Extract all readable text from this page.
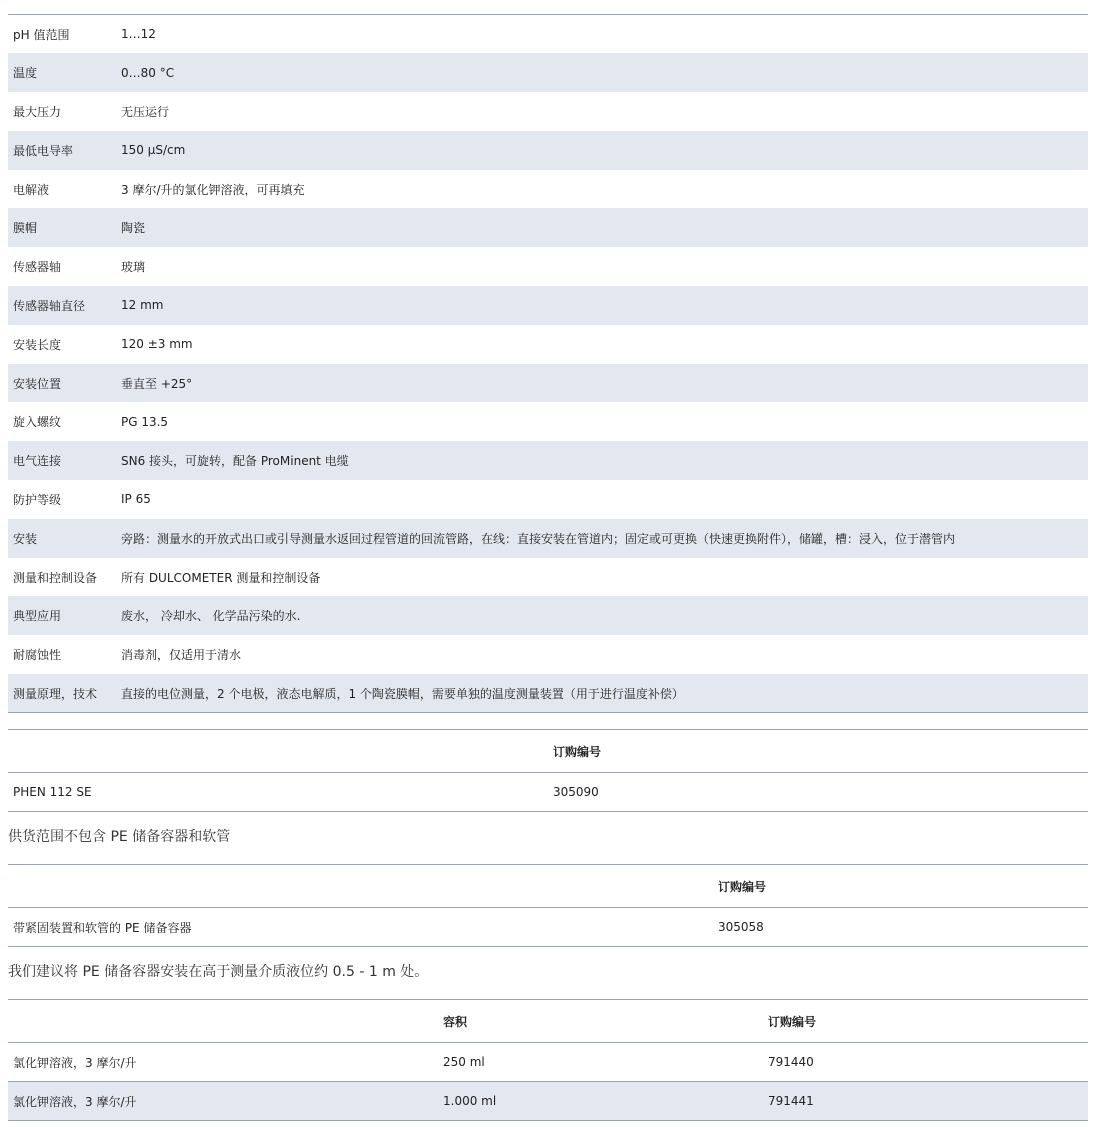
pH 值范围	1…12
温度	0…80 °C
最大压力	无压运行
最低电导率	150 µS/cm
电解液	3 摩尔/升的氯化钾溶液，可再填充
膜帽	陶瓷
传感器轴	玻璃
传感器轴直径	12 mm
安装长度	120 ±3 mm
安装位置	垂直至 +25°
旋入螺纹	PG 13.5
电气连接	SN6 接头，可旋转，配备 ProMinent 电缆
防护等级	IP 65
安装	旁路：测量水的开放式出口或引导测量水返回过程管道的回流管路，在线：直接安装在管道内；固定或可更换（快速更换附件），储罐，槽：浸入，位于潜管内
测量和控制设备	所有 DULCOMETER 测量和控制设备
典型应用	废水， 冷却水、 化学品污染的水.
耐腐蚀性	消毒剂，仅适用于清水
测量原理，技术	直接的电位测量，2 个电极，液态电解质，1 个陶瓷膜帽，需要单独的温度测量装置（用于进行温度补偿）
	订购编号
PHEN 112 SE	305090
供货范围不包含 PE 储备容器和软管
	订购编号
带紧固装置和软管的 PE 储备容器	305058
我们建议将 PE 储备容器安装在高于测量介质液位约 0.5 - 1 m 处。
	容积	订购编号
氯化钾溶液，3 摩尔/升	250 ml	791440
氯化钾溶液，3 摩尔/升	1.000 ml	791441
